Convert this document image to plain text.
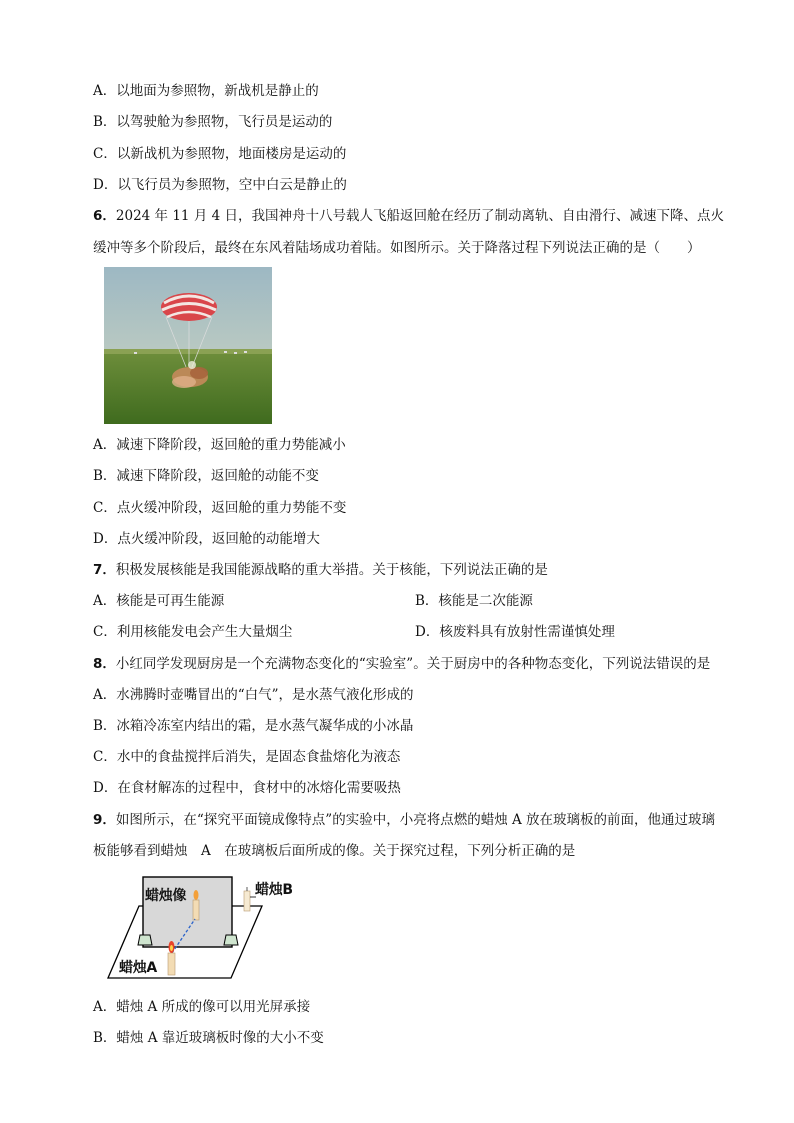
A．以地面为参照物，新战机是静止的
B．以驾驶舱为参照物，飞行员是运动的
C．以新战机为参照物，地面楼房是运动的
D．以飞行员为参照物，空中白云是静止的
6．2024 年 11 月 4 日，我国神舟十八号载人飞船返回舱在经历了制动离轨、自由滑行、减速下降、点火
缓冲等多个阶段后，最终在东风着陆场成功着陆。如图所示。关于降落过程下列说法正确的是（　　）
A．减速下降阶段，返回舱的重力势能减小
B．减速下降阶段，返回舱的动能不变
C．点火缓冲阶段，返回舱的重力势能不变
D．点火缓冲阶段，返回舱的动能增大
7．积极发展核能是我国能源战略的重大举措。关于核能，下列说法正确的是
A．核能是可再生能源	B．核能是二次能源
C．利用核能发电会产生大量烟尘	D．核废料具有放射性需谨慎处理
8．小红同学发现厨房是一个充满物态变化的“实验室”。关于厨房中的各种物态变化，下列说法错误的是
A．水沸腾时壶嘴冒出的“白气”，是水蒸气液化形成的
B．冰箱冷冻室内结出的霜，是水蒸气凝华成的小冰晶
C．水中的食盐搅拌后消失，是固态食盐熔化为液态
D．在食材解冻的过程中，食材中的冰熔化需要吸热
9．如图所示，在“探究平面镜成像特点”的实验中，小亮将点燃的蜡烛 A 放在玻璃板的前面，他通过玻璃
板能够看到蜡烛　A　在玻璃板后面所成的像。关于探究过程，下列分析正确的是
蜡烛像	蜡烛B
蜡烛A
A．蜡烛 A 所成的像可以用光屏承接
B．蜡烛 A 靠近玻璃板时像的大小不变
